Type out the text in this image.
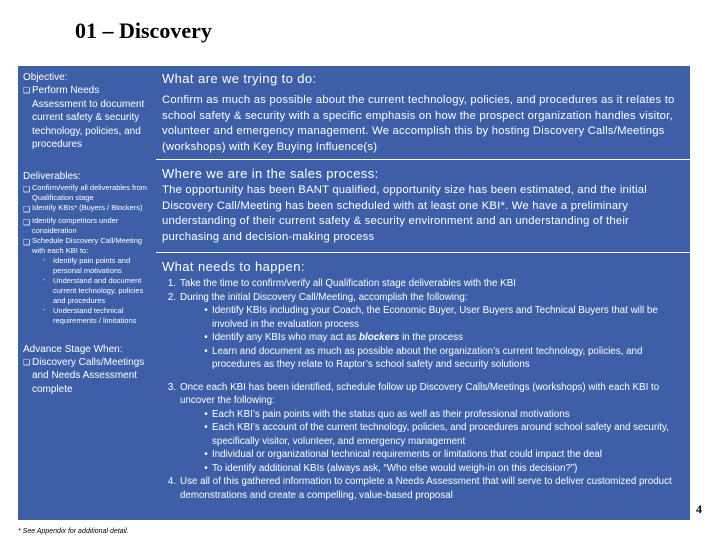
01 – Discovery
Objective:
❑ Perform Needs Assessment to document current safety & security technology, policies, and procedures
Deliverables:
❑ Confirm/verify all deliverables from Qualification stage
❑ Identify KBIs* (Buyers / Blockers)
❑ Identify competitors under consideration
❑ Schedule Discovery Call/Meeting with each KBI to:
-	Identify pain points and personal motivations
-	Understand and document current technology, policies and procedures
-	Understand technical requirements / limitations
Advance Stage When:
❑ Discovery Calls/Meetings and Needs Assessment complete
What are we trying to do:
Confirm as much as possible about the current technology, policies, and procedures as it relates to school safety & security with a specific emphasis on how the prospect organization handles visitor, volunteer and emergency management. We accomplish this by hosting Discovery Calls/Meetings (workshops) with Key Buying Influence(s)
Where we are in the sales process:
The opportunity has been BANT qualified, opportunity size has been estimated, and the initial Discovery Call/Meeting has been scheduled with at least one KBI*. We have a preliminary understanding of their current safety & security environment and an understanding of their purchasing and decision-making process
What needs to happen:
1. Take the time to confirm/verify all Qualification stage deliverables with the KBI
2. During the initial Discovery Call/Meeting, accomplish the following:
• Identify KBIs including your Coach, the Economic Buyer, User Buyers and Technical Buyers that will be involved in the evaluation process
• Identify any KBIs who may act as blockers in the process
• Learn and document as much as possible about the organization’s current technology, policies, and procedures as they relate to Raptor’s school safety and security solutions
3. Once each KBI has been identified, schedule follow up Discovery Calls/Meetings (workshops) with each KBI to uncover the following:
• Each KBI’s pain points with the status quo as well as their professional motivations
• Each KBI’s account of the current technology, policies, and procedures around school safety and security, specifically visitor, volunteer, and emergency management
• Individual or organizational technical requirements or limitations that could impact the deal
• To identify additional KBIs (always ask, “Who else would weigh-in on this decision?”)
4. Use all of this gathered information to complete a Needs Assessment that will serve to deliver customized product demonstrations and create a compelling, value-based proposal
* See Appendix for additional detail.
4
